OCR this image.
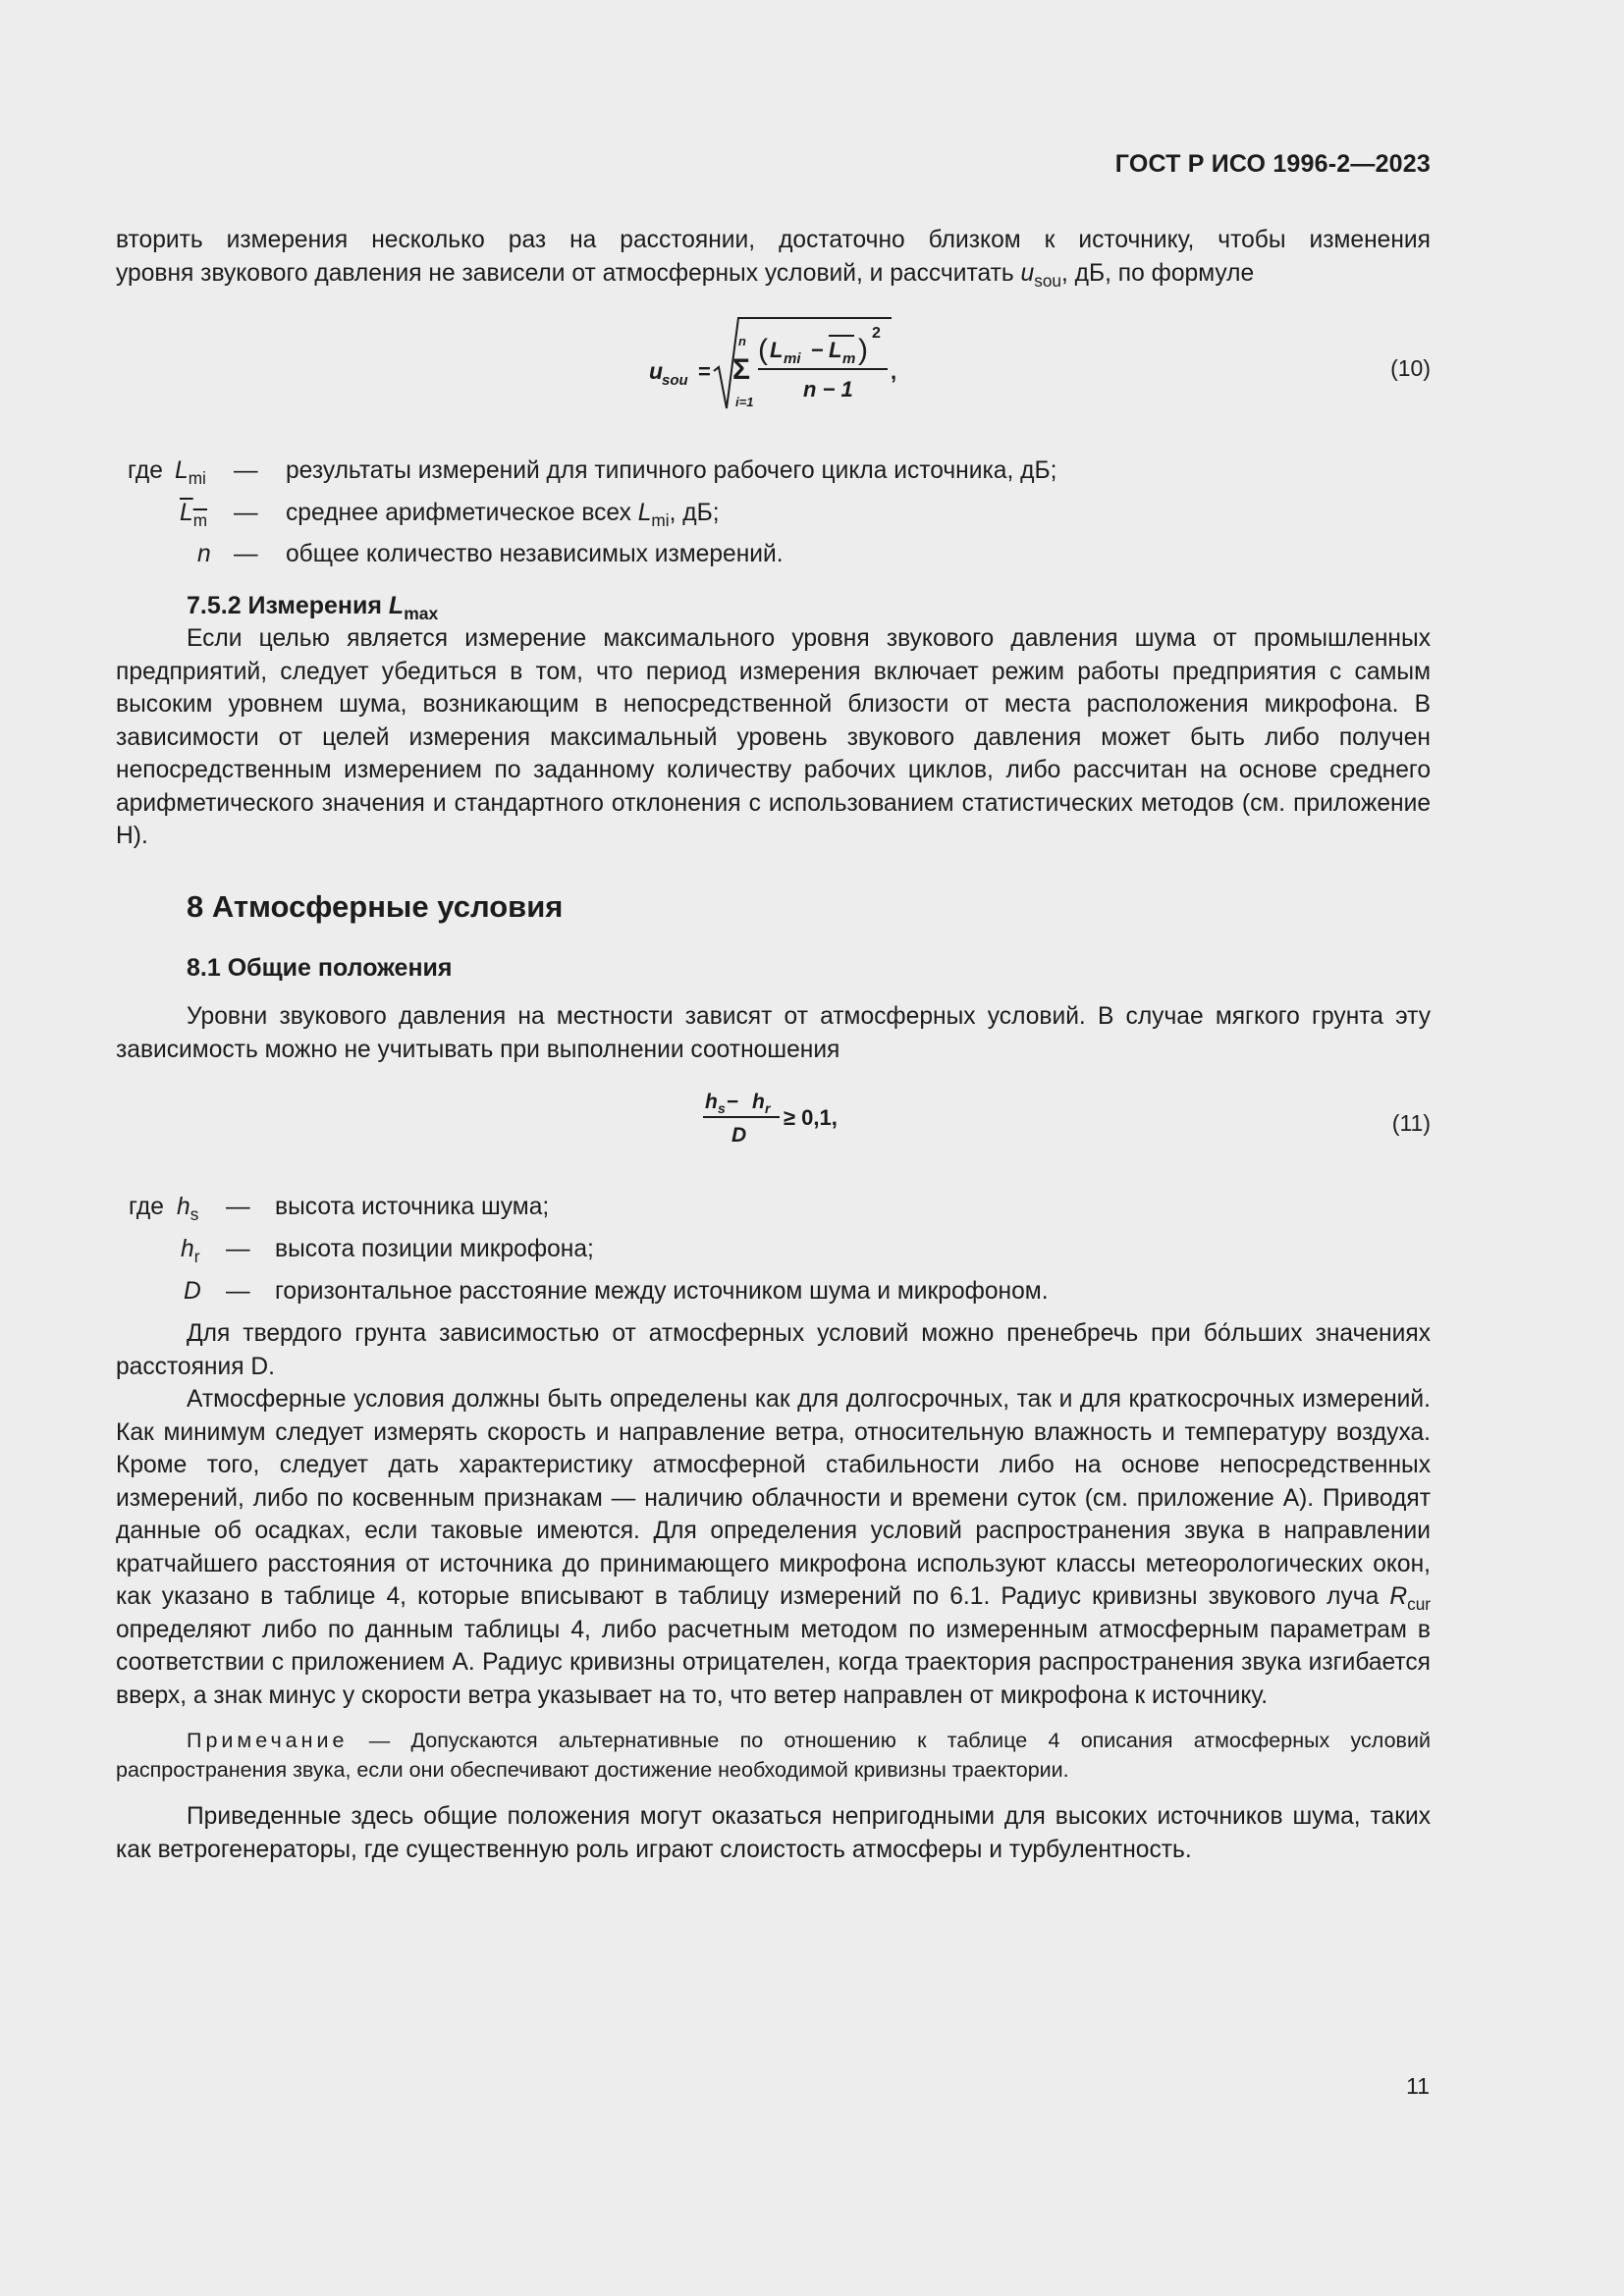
ГОСТ Р ИСО 1996-2—2023

вторить измерения несколько раз на расстоянии, достаточно близком к источнику, чтобы изменения

уровня звукового давления не зависели от атмосферных условий, и рассчитать $u_{sou}$, дБ, по формуле

u
sou =
n
Σ
i=1
( L mi − L m )
2
n − 1
,	(10)
где $L_{mi}$ — результаты измерений для типичного рабочего цикла источника, дБ;
$L_m$ — среднее арифметическое всех $L_{mi}$, дБ;
n — общее количество независимых измерений.
7.5.2 Измерения $L_{max}$

Если целью является измерение максимального уровня звукового давления шума от промышленных предприятий, следует убедиться в том, что период измерения включает режим работы предприятия с самым высоким уровнем шума, возникающим в непосредственной близости от места расположения микрофона. В зависимости от целей измерения максимальный уровень звукового давления может быть либо получен непосредственным измерением по заданному количеству рабочих циклов, либо рассчитан на основе среднего арифметического значения и стандартного отклонения с использованием статистических методов (см. приложение Н).

8 Атмосферные условия
8.1 Общие положения

Уровни звукового давления на местности зависят от атмосферных условий. В случае мягкого грунта эту зависимость можно не учитывать при выполнении соотношения

h s − h r
D
≥ 0,1,	(11)
где $h_s$ — высота источника шума;
$h_r$ — высота позиции микрофона;
D — горизонтальное расстояние между источником шума и микрофоном.

Для твердого грунта зависимостью от атмосферных условий можно пренебречь при бо́льших значениях расстояния D.

Атмосферные условия должны быть определены как для долгосрочных, так и для краткосрочных измерений. Как минимум следует измерять скорость и направление ветра, относительную влажность и температуру воздуха. Кроме того, следует дать характеристику атмосферной стабильности либо на основе непосредственных измерений, либо по косвенным признакам — наличию облачности и времени суток (см. приложение А). Приводят данные об осадках, если таковые имеются. Для определения условий распространения звука в направлении кратчайшего расстояния от источника до принимающего микрофона используют классы метеорологических окон, как указано в таблице 4, которые вписывают в таблицу измерений по 6.1. Радиус кривизны звукового луча $R_{cur}$ определяют либо по данным таблицы 4, либо расчетным методом по измеренным атмосферным параметрам в соответствии с приложением А. Радиус кривизны отрицателен, когда траектория распространения звука изгибается вверх, а знак минус у скорости ветра указывает на то, что ветер направлен от микрофона к источнику.

Примечание — Допускаются альтернативные по отношению к таблице 4 описания атмосферных условий распространения звука, если они обеспечивают достижение необходимой кривизны траектории.

Приведенные здесь общие положения могут оказаться непригодными для высоких источников шума, таких как ветрогенераторы, где существенную роль играют слоистость атмосферы и турбулентность.

11
